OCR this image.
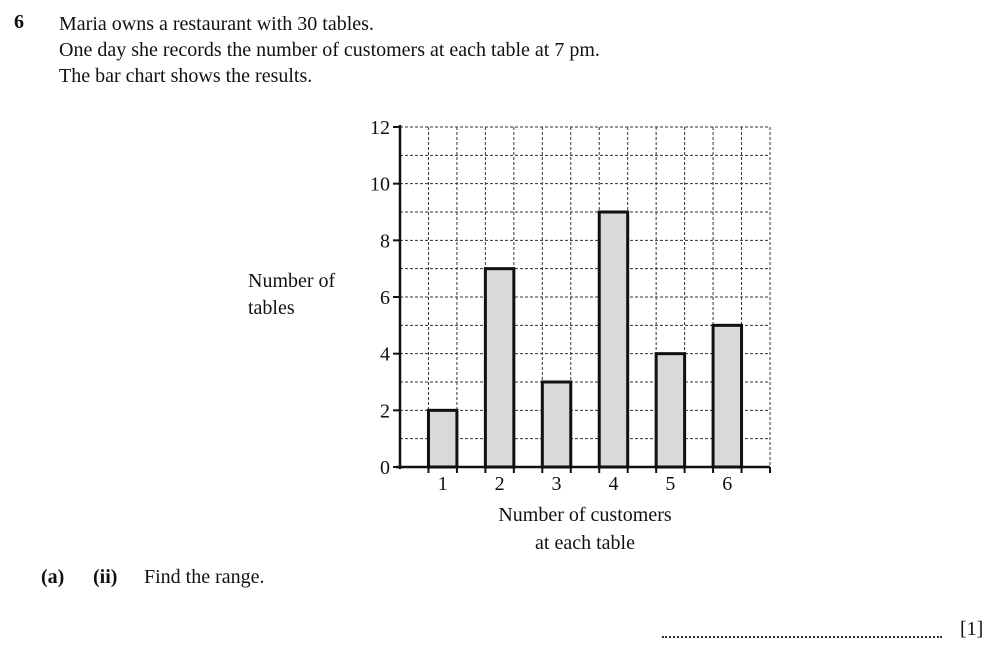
6 Maria owns a restaurant with 30 tables.
One day she records the number of customers at each table at 7 pm.
The bar chart shows the results.
Number of
tables
0
2
4
6
8
10
12
1 2 3 4 5 6
Number of customers
at each table
(a) (ii) Find the range.
[1]
